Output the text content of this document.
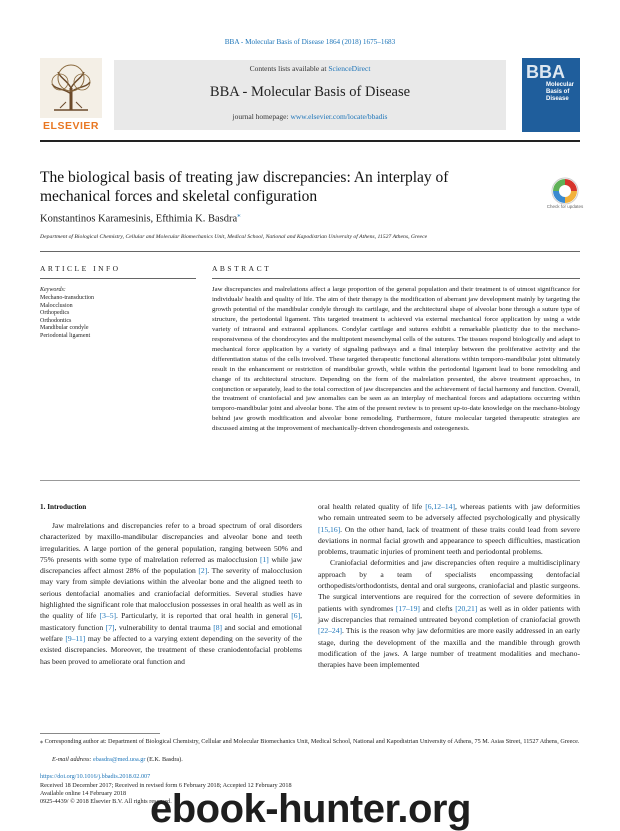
BBA - Molecular Basis of Disease 1864 (2018) 1675–1683
ELSEVIER
Contents lists available at ScienceDirect
BBA - Molecular Basis of Disease
journal homepage: www.elsevier.com/locate/bbadis
BBA
Molecular Basis of Disease
The biological basis of treating jaw discrepancies: An interplay of mechanical forces and skeletal configuration
Check for updates
Konstantinos Karamesinis, Efthimia K. Basdra⁎
Department of Biological Chemistry, Cellular and Molecular Biomechanics Unit, Medical School, National and Kapodistrian University of Athens, 11527 Athens, Greece
ARTICLE INFO	ABSTRACT
Keywords:
Mechano-transduction
Malocclusion
Orthopedics
Orthodontics
Mandibular condyle
Periodontal ligament
Jaw discrepancies and malrelations affect a large proportion of the general population and their treatment is of utmost significance for individuals' health and quality of life. The aim of their therapy is the modification of aberrant jaw development mainly by targeting the growth potential of the mandibular condyle through its cartilage, and the architectural shape of alveolar bone through a suture type of structure, the periodontal ligament. This targeted treatment is achieved via external mechanical force application by using a wide variety of intraoral and extraoral appliances. Condylar cartilage and sutures exhibit a remarkable plasticity due to the mechano-responsiveness of the chondrocytes and the multipotent mesenchymal cells of the sutures. The tissues respond biologically and adapt to mechanical force application by a variety of signaling pathways and a final interplay between the proliferative activity and the differentiation status of the cells involved. These targeted therapeutic functional alterations within temporo-mandibular joint ultimately result in the enhancement or restriction of mandibular growth, while within the periodontal ligament lead to bone remodeling and change of its architectural structure. Depending on the form of the malrelation presented, the above treatment approaches, in conjunction or separately, lead to the total correction of jaw discrepancies and the achievement of facial harmony and function. Overall, the treatment of craniofacial and jaw anomalies can be seen as an interplay of mechanical forces and adaptations occurring within temporo-mandibular joint and alveolar bone. The aim of the present review is to present up-to-date knowledge on the mechano-biology behind jaw growth modification and alveolar bone remodeling. Furthermore, future molecular targeted therapeutic strategies are discussed aiming at the improvement of mechanically-driven chondrogenesis and osteogenesis.
1. Introduction
Jaw malrelations and discrepancies refer to a broad spectrum of oral disorders characterized by maxillo-mandibular discrepancies and alveolar bone and teeth irregularities. A large portion of the general population, ranging between 50% and 75% presents with some type of malrelation referred as malocclusion [1] while jaw discrepancies affect almost 28% of the population [2]. The severity of malocclusion may vary from simple deviations within the alveolar bone and the aligned teeth to serious dentofacial anomalies and craniofacial deformities. Several studies have highlighted the significant role that malocclusion possesses in oral health as well as in the quality of life [3–5]. Particularly, it is reported that oral health in general [6], masticatory function [7], vulnerability to dental trauma [8] and social and emotional welfare [9–11] may be affected to a varying extent depending on the severity of the existed discrepancies. Moreover, the treatment of these craniodentofacial problems has been proved to ameliorate oral function and
oral health related quality of life [6,12–14], whereas patients with jaw deformities who remain untreated seem to be adversely affected psychologically and physically [15,16]. On the other hand, lack of treatment of these traits could lead from severe deviations in normal facial growth and appearance to speech difficulties, mastication problems, traumatic injuries of prominent teeth and periodontal problems.
Craniofacial deformities and jaw discrepancies often require a multidisciplinary approach by a team of specialists encompassing dentofacial orthopedists/orthodontists, dental and oral surgeons, craniofacial and plastic surgeons. The surgical interventions are required for the correction of severe deformities in patients with syndromes [17–19] and clefts [20,21] as well as in older patients with jaw discrepancies that remained untreated beyond completion of craniofacial growth [22–24]. This is the reason why jaw deformities are more easily addressed in an early stage, during the development of the maxilla and the mandible through growth modification of the jaws. A large number of treatment modalities and mechano-therapies have been implemented
⁎ Corresponding author at: Department of Biological Chemistry, Cellular and Molecular Biomechanics Unit, Medical School, National and Kapodistrian University of Athens, 75 M. Asias Street, 11527 Athens, Greece.
E-mail address: ebasdra@med.uoa.gr (E.K. Basdra).
https://doi.org/10.1016/j.bbadis.2018.02.007
Received 18 December 2017; Received in revised form 6 February 2018; Accepted 12 February 2018
Available online 14 February 2018
0925-4439/ © 2018 Elsevier B.V. All rights reserved.
ebook-hunter.org
